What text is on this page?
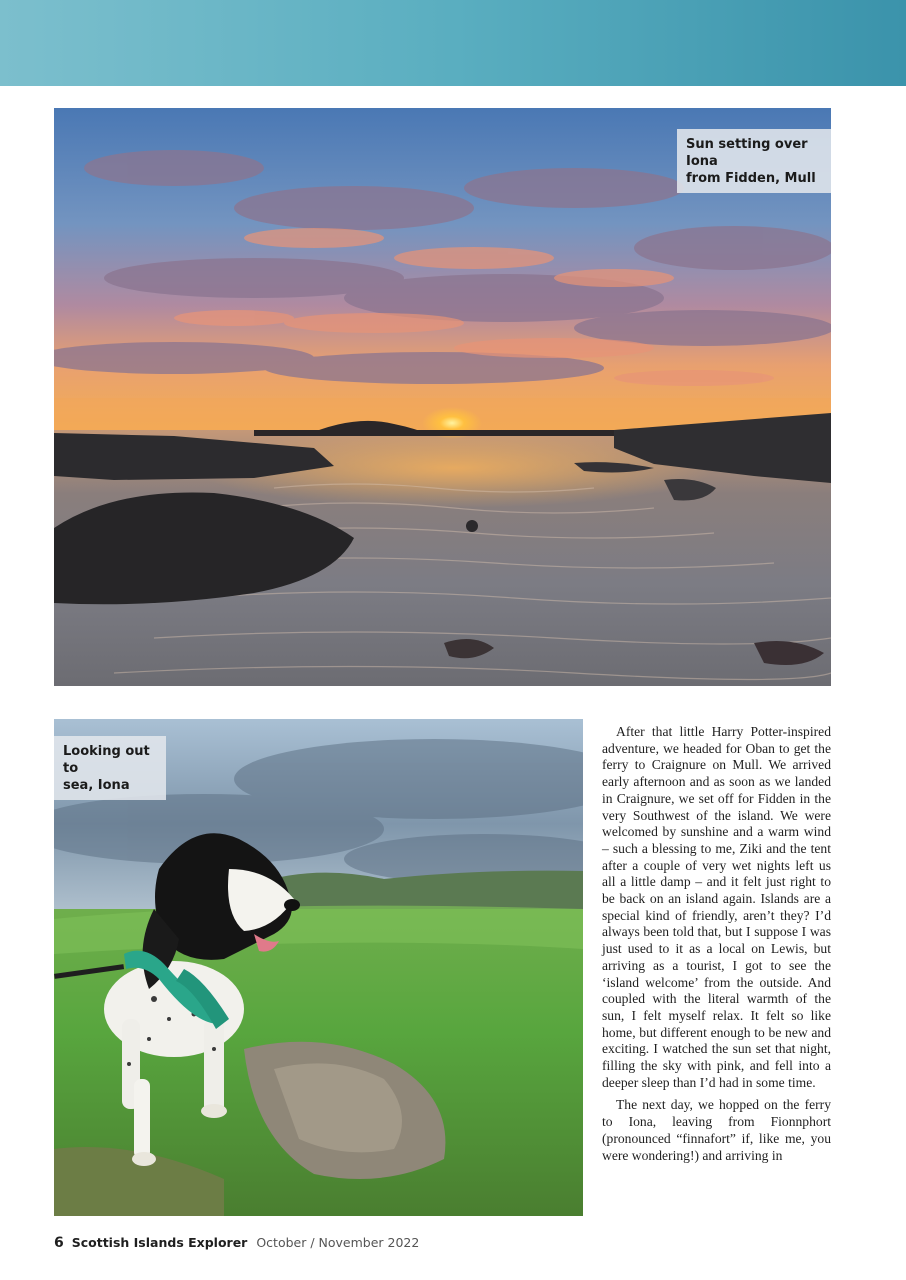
Sun setting over Iona
from Fidden, Mull
Looking out to
sea, Iona

After that little Harry Potter-inspired adventure, we headed for Oban to get the ferry to Craignure on Mull. We arrived early afternoon and as soon as we landed in Craignure, we set off for Fidden in the very Southwest of the island. We were welcomed by sunshine and a warm wind – such a blessing to me, Ziki and the tent after a couple of very wet nights left us all a little damp – and it felt just right to be back on an island again. Islands are a special kind of friendly, aren’t they? I’d always been told that, but I suppose I was just used to it as a local on Lewis, but arriving as a tourist, I got to see the ‘island welcome’ from the outside. And coupled with the literal warmth of the sun, I felt myself relax. It felt so like home, but different enough to be new and exciting. I watched the sun set that night, filling the sky with pink, and fell into a deeper sleep than I’d had in some time.

The next day, we hopped on the ferry to Iona, leaving from Fionnphort (pronounced “finnafort” if, like me, you were wondering!) and arriving in

6 Scottish Islands Explorer October / November 2022
